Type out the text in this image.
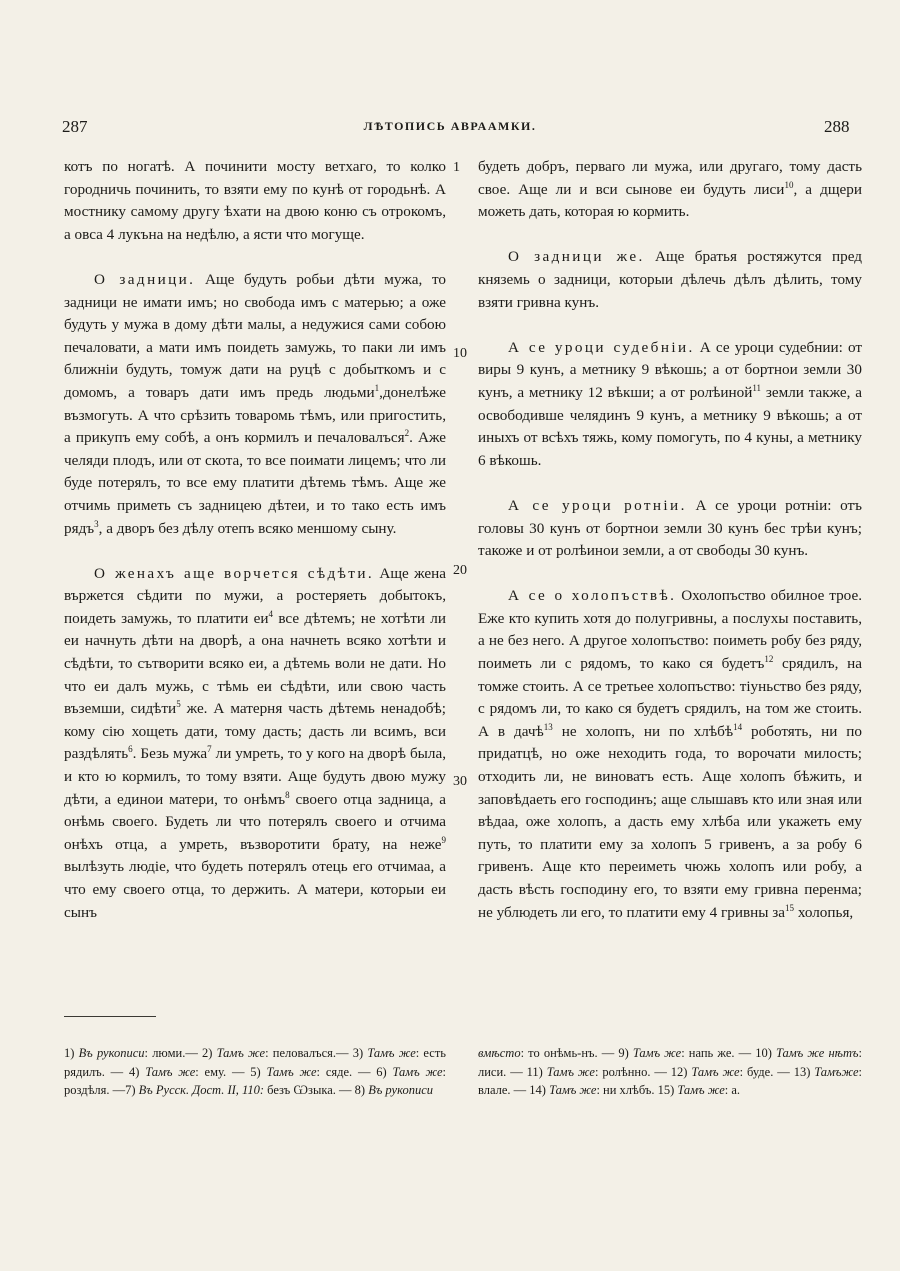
287	ЛѢТОПИСЬ АВРААМКИ.	288
1
10
20
30

котъ по ногатѣ. А починити мосту ветхаго, то колко городничь починить, то взяти ему по кунѣ от городьнѣ. А мостнику самому другу ѣхати на двою коню съ отрокомъ, а овса 4 лукъна на недѣлю, а ясти что могуще.

О задници. Аще будуть робьи дѣти мужа, то задници не имати имъ; но свобода имъ с матерью; а оже будуть у мужа в дому дѣти малы, а недужися сами собою печаловати, а мати имъ поидеть замужь, то паки ли имъ ближнiи будуть, томуж дати на руцѣ с добыткомъ и с домомъ, а товаръ дати имъ предь людьми$^1$,донелѣже възмогуть. А что срѣзить товаромь тѣмъ, или пригостить, а прикупъ ему собѣ, а онъ кормилъ и печаловалъся$^2$. Аже челяди плодъ, или от скота, то все поимати лицемъ; что ли буде потерялъ, то все ему платити дѣтемь тѣмъ. Аще же отчимь приметь съ задницею дѣтеи, и то тако есть имъ рядъ$^3$, а дворъ без дѣлу отепъ всяко меншому сыну.

О женахъ аще ворчется сѣдѣти. Аще жена вържется сѣдити по мужи, а ростеряеть добытокъ, поидеть замужь, то платити $еи^4$ все дѣтемъ; не хотѣти ли еи начнуть дѣти на дворѣ, а она начнеть всяко хотѣти и сѣдѣти, то сътворити всяко еи, а дѣтемь воли не дати. Но что еи далъ мужь, с тѣмь еи сѣдѣти, или свою часть въземши, сидѣти$^5$ же. А матерня часть дѣтемь ненадобѣ; кому сiю хощеть дати, тому дасть; дасть ли всимъ, вси раздѣлять$^6$. Безь мужа$^7$ ли умреть, то у кого на дворѣ была, и кто ю кормилъ, то тому взяти. Аще будуть двою мужу дѣти, а единои матери, то онѣмъ$^8$ своего отца задница, а онѣмь своего. Будеть ли что потерялъ своего и отчима онѣхъ отца, а умреть, възворотити брату, на неже$^9$ вылѣзуть людiе, что будеть потерялъ отець его отчимаа, а что ему своего отца, то держить. А матери, которыи еи сынъ

будеть добръ, перваго ли мужа, или другаго, тому дасть свое. Аще ли и вси сынове еи будуть лиси$^{10}$, а дщери можеть дать, которая ю кормить.

О задници же. Аще братья ростяжутся пред княземь о задници, которыи дѣлечь дѣлъ дѣлить, тому взяти гривна кунъ.

А се уроци судебнiи. А се уроци судебнии: от виры 9 кунъ, а метнику 9 вѣкошь; а от бортнои земли 30 кунъ, а метнику 12 вѣкши; а от ролѣиной$^{11}$ земли также, а освободивше челядинъ 9 кунъ, а метнику 9 вѣкошь; а от иныхъ от всѣхъ тяжь, кому помогуть, по 4 куны, а метнику 6 вѣкошь.

А се уроци ротнiи. А се уроци ротнiи: отъ головы 30 кунъ от бортнои земли 30 кунъ бес трѣи кунъ; такоже и от ролѣинои земли, а от свободы 30 кунъ.

А се о холопъствѣ. Охолопъство обилное трое. Еже кто купить хотя до полугривны, а послухы поставить, а не без него. А другое холопъство: поиметь робу без ряду, поиметь ли с рядомъ, то како ся будетъ$^{12}$ срядилъ, на томже стоить. А се третьее холопъство: тiуньство без ряду, с рядомъ ли, то како ся будетъ срядилъ, на том же стоить. А в дачѣ$^{13}$ не холопъ, ни по хлѣбѣ$^{14}$ роботять, ни по придатцѣ, но оже неходить года, то ворочати милость; отходить ли, не виноватъ есть. Аще холопъ бѣжить, и заповѣдаеть его господинъ; аще слышавъ кто или зная или вѣдаа, оже холопъ, а дасть ему хлѣба или укажеть ему путь, то платити ему за холопъ 5 гривенъ, а за робу 6 гривенъ. Аще кто переиметь чюжь холопъ или робу, а дасть вѣсть господину его, то взяти ему гривна перенма; не ублюдеть ли его, то платити ему 4 гривны $за^{15}$ холопья,

1) Въ рукописи: люми.— 2) Тамъ же: пеловалъся.— 3) Тамъ же: есть рядилъ. — 4) Тамъ же: ему. — 5) Тамъ же: сяде. — 6) Тамъ же: роздѣля. —7) Въ Русск. Дост. II, 110: безъ Ѡзыка. — 8) Въ рукописи
вмѣсто: то онѣмь-нъ. — 9) Тамъ же: напь же. — 10) Тамъ же нѣтъ: лиси. — 11) Тамъ же: ролѣнно. — 12) Тамъ же: буде. — 13) Тамъже: влале. — 14) Тамъ же: ни хлѣбъ. 15) Тамъ же: а.
